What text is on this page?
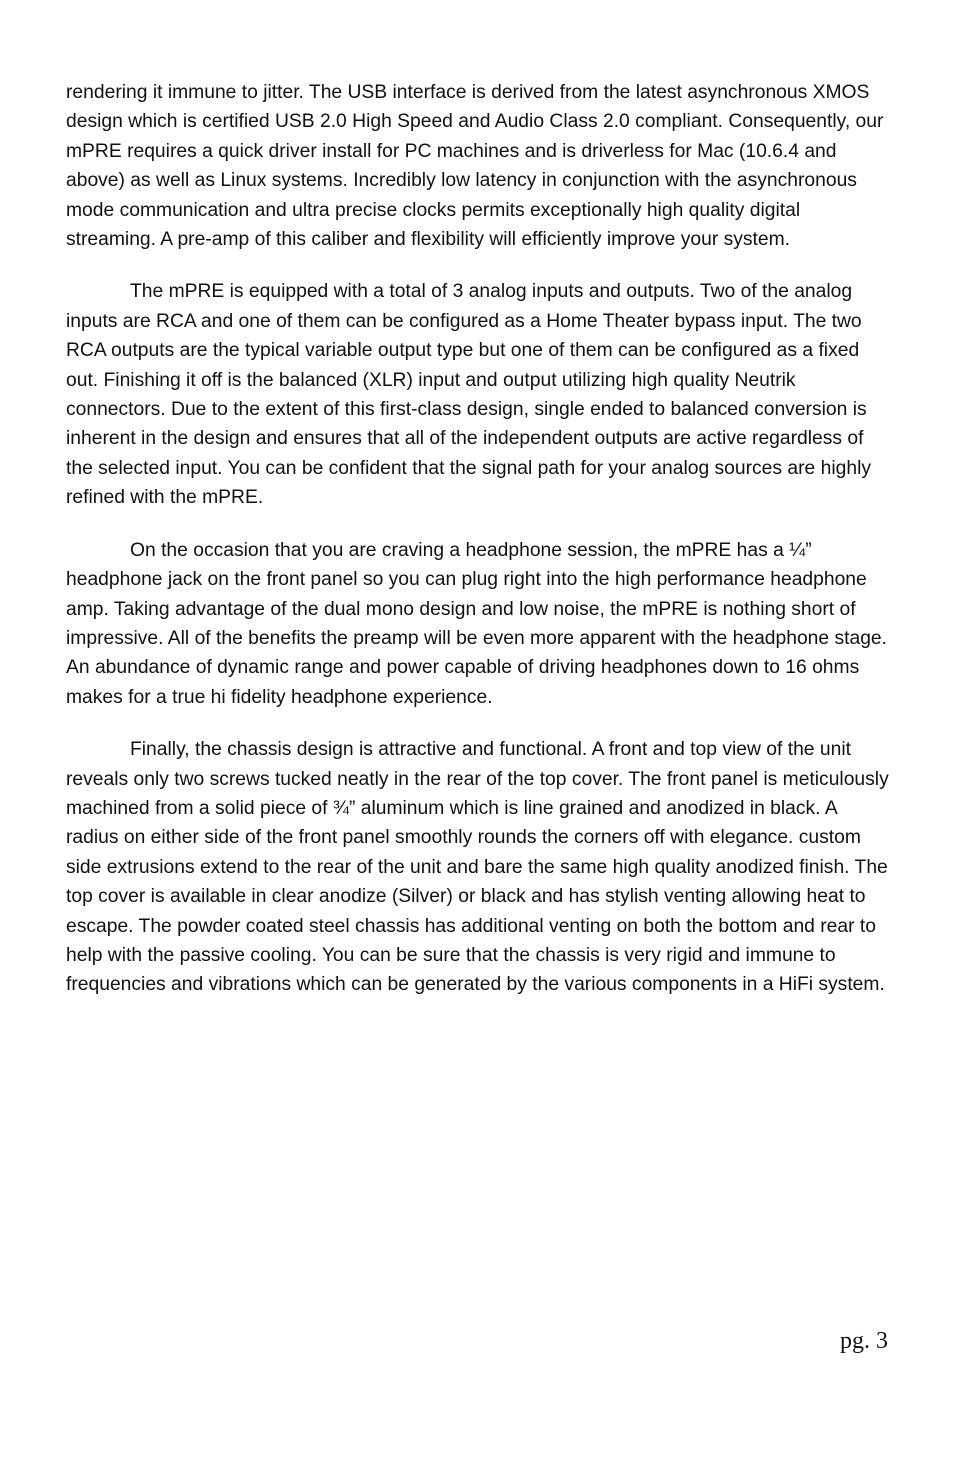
rendering it immune to jitter. The USB interface is derived from the latest asynchronous XMOS design which is certified USB 2.0 High Speed and Audio Class 2.0 compliant. Consequently, our mPRE requires a quick driver install for PC machines and is driverless for Mac (10.6.4 and above) as well as Linux systems. Incredibly low latency in conjunction with the asynchronous mode communication and ultra precise clocks permits exceptionally high quality digital streaming. A pre-amp of this caliber and flexibility will efficiently improve your system.

The mPRE is equipped with a total of 3 analog inputs and outputs. Two of the analog inputs are RCA and one of them can be configured as a Home Theater bypass input. The two RCA outputs are the typical variable output type but one of them can be configured as a fixed out. Finishing it off is the balanced (XLR) input and output utilizing high quality Neutrik connectors. Due to the extent of this first-class design, single ended to balanced conversion is inherent in the design and ensures that all of the independent outputs are active regardless of the selected input. You can be confident that the signal path for your analog sources are highly refined with the mPRE.

On the occasion that you are craving a headphone session, the mPRE has a ¼” headphone jack on the front panel so you can plug right into the high performance headphone amp. Taking advantage of the dual mono design and low noise, the mPRE is nothing short of impressive. All of the benefits the preamp will be even more apparent with the headphone stage. An abundance of dynamic range and power capable of driving headphones down to 16 ohms makes for a true hi fidelity headphone experience.

Finally, the chassis design is attractive and functional. A front and top view of the unit reveals only two screws tucked neatly in the rear of the top cover. The front panel is meticulously machined from a solid piece of ¾” aluminum which is line grained and anodized in black. A radius on either side of the front panel smoothly rounds the corners off with elegance. custom side extrusions extend to the rear of the unit and bare the same high quality anodized finish. The top cover is available in clear anodize (Silver) or black and has stylish venting allowing heat to escape. The powder coated steel chassis has additional venting on both the bottom and rear to help with the passive cooling. You can be sure that the chassis is very rigid and immune to frequencies and vibrations which can be generated by the various components in a HiFi system.

pg. 3
